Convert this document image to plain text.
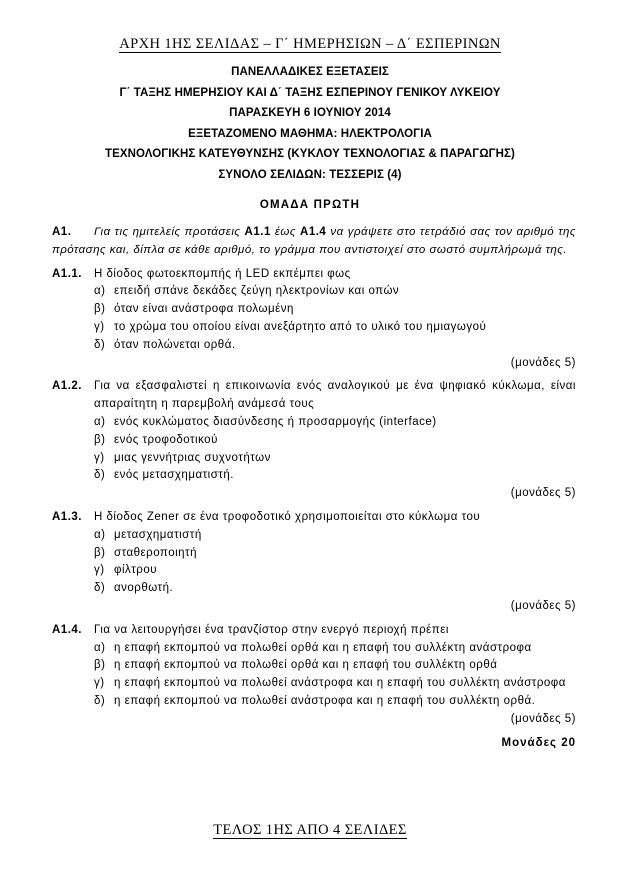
ΑΡΧΗ 1ΗΣ ΣΕΛΙΔΑΣ – Γ΄ ΗΜΕΡΗΣΙΩΝ – Δ΄ ΕΣΠΕΡΙΝΩΝ
ΠΑΝΕΛΛΑΔΙΚΕΣ ΕΞΕΤΑΣΕΙΣ
Γ΄ ΤΑΞΗΣ ΗΜΕΡΗΣΙΟΥ ΚΑΙ Δ΄ ΤΑΞΗΣ ΕΣΠΕΡΙΝΟΥ ΓΕΝΙΚΟΥ ΛΥΚΕΙΟΥ
ΠΑΡΑΣΚΕΥΗ 6 ΙΟΥΝΙΟΥ 2014
ΕΞΕΤΑΖΟΜΕΝΟ ΜΑΘΗΜΑ: ΗΛΕΚΤΡΟΛΟΓΙΑ
ΤΕΧΝΟΛΟΓΙΚΗΣ ΚΑΤΕΥΘΥΝΣΗΣ (ΚΥΚΛΟΥ ΤΕΧΝΟΛΟΓΙΑΣ & ΠΑΡΑΓΩΓΗΣ)
ΣΥΝΟΛΟ ΣΕΛΙΔΩΝ: ΤΕΣΣΕΡΙΣ (4)
ΟΜΑΔΑ ΠΡΩΤΗ

Α1. Για τις ημιτελείς προτάσεις Α1.1 έως Α1.4 να γράψετε στο τετράδιό σας τον αριθμό της πρότασης και, δίπλα σε κάθε αριθμό, το γράμμα που αντιστοιχεί στο σωστό συμπλήρωμά της.

Α1.1.	Η δίοδος φωτοεκπομπής ή LED εκπέμπει φως
α) επειδή σπάνε δεκάδες ζεύγη ηλεκτρονίων και οπών
β) όταν είναι ανάστροφα πολωμένη
γ) το χρώμα του οποίου είναι ανεξάρτητο από το υλικό του ημιαγωγού
δ) όταν πολώνεται ορθά.
(μονάδες 5)
Α1.2.	Για να εξασφαλιστεί η επικοινωνία ενός αναλογικού με ένα ψηφιακό κύκλωμα, είναι απαραίτητη η παρεμβολή ανάμεσά τους
α) ενός κυκλώματος διασύνδεσης ή προσαρμογής (interface)
β) ενός τροφοδοτικού
γ) μιας γεννήτριας συχνοτήτων
δ) ενός μετασχηματιστή.
(μονάδες 5)
Α1.3.	Η δίοδος Zener σε ένα τροφοδοτικό χρησιμοποιείται στο κύκλωμα του
α) μετασχηματιστή
β) σταθεροποιητή
γ) φίλτρου
δ) ανορθωτή.
(μονάδες 5)
Α1.4.	Για να λειτουργήσει ένα τρανζίστορ στην ενεργό περιοχή πρέπει
α) η επαφή εκπομπού να πολωθεί ορθά και η επαφή του συλλέκτη ανάστροφα
β) η επαφή εκπομπού να πολωθεί ορθά και η επαφή του συλλέκτη ορθά
γ) η επαφή εκπομπού να πολωθεί ανάστροφα και η επαφή του συλλέκτη ανάστροφα
δ) η επαφή εκπομπού να πολωθεί ανάστροφα και η επαφή του συλλέκτη ορθά.
(μονάδες 5)
Μονάδες 20
ΤΕΛΟΣ 1ΗΣ ΑΠΟ 4 ΣΕΛΙΔΕΣ
